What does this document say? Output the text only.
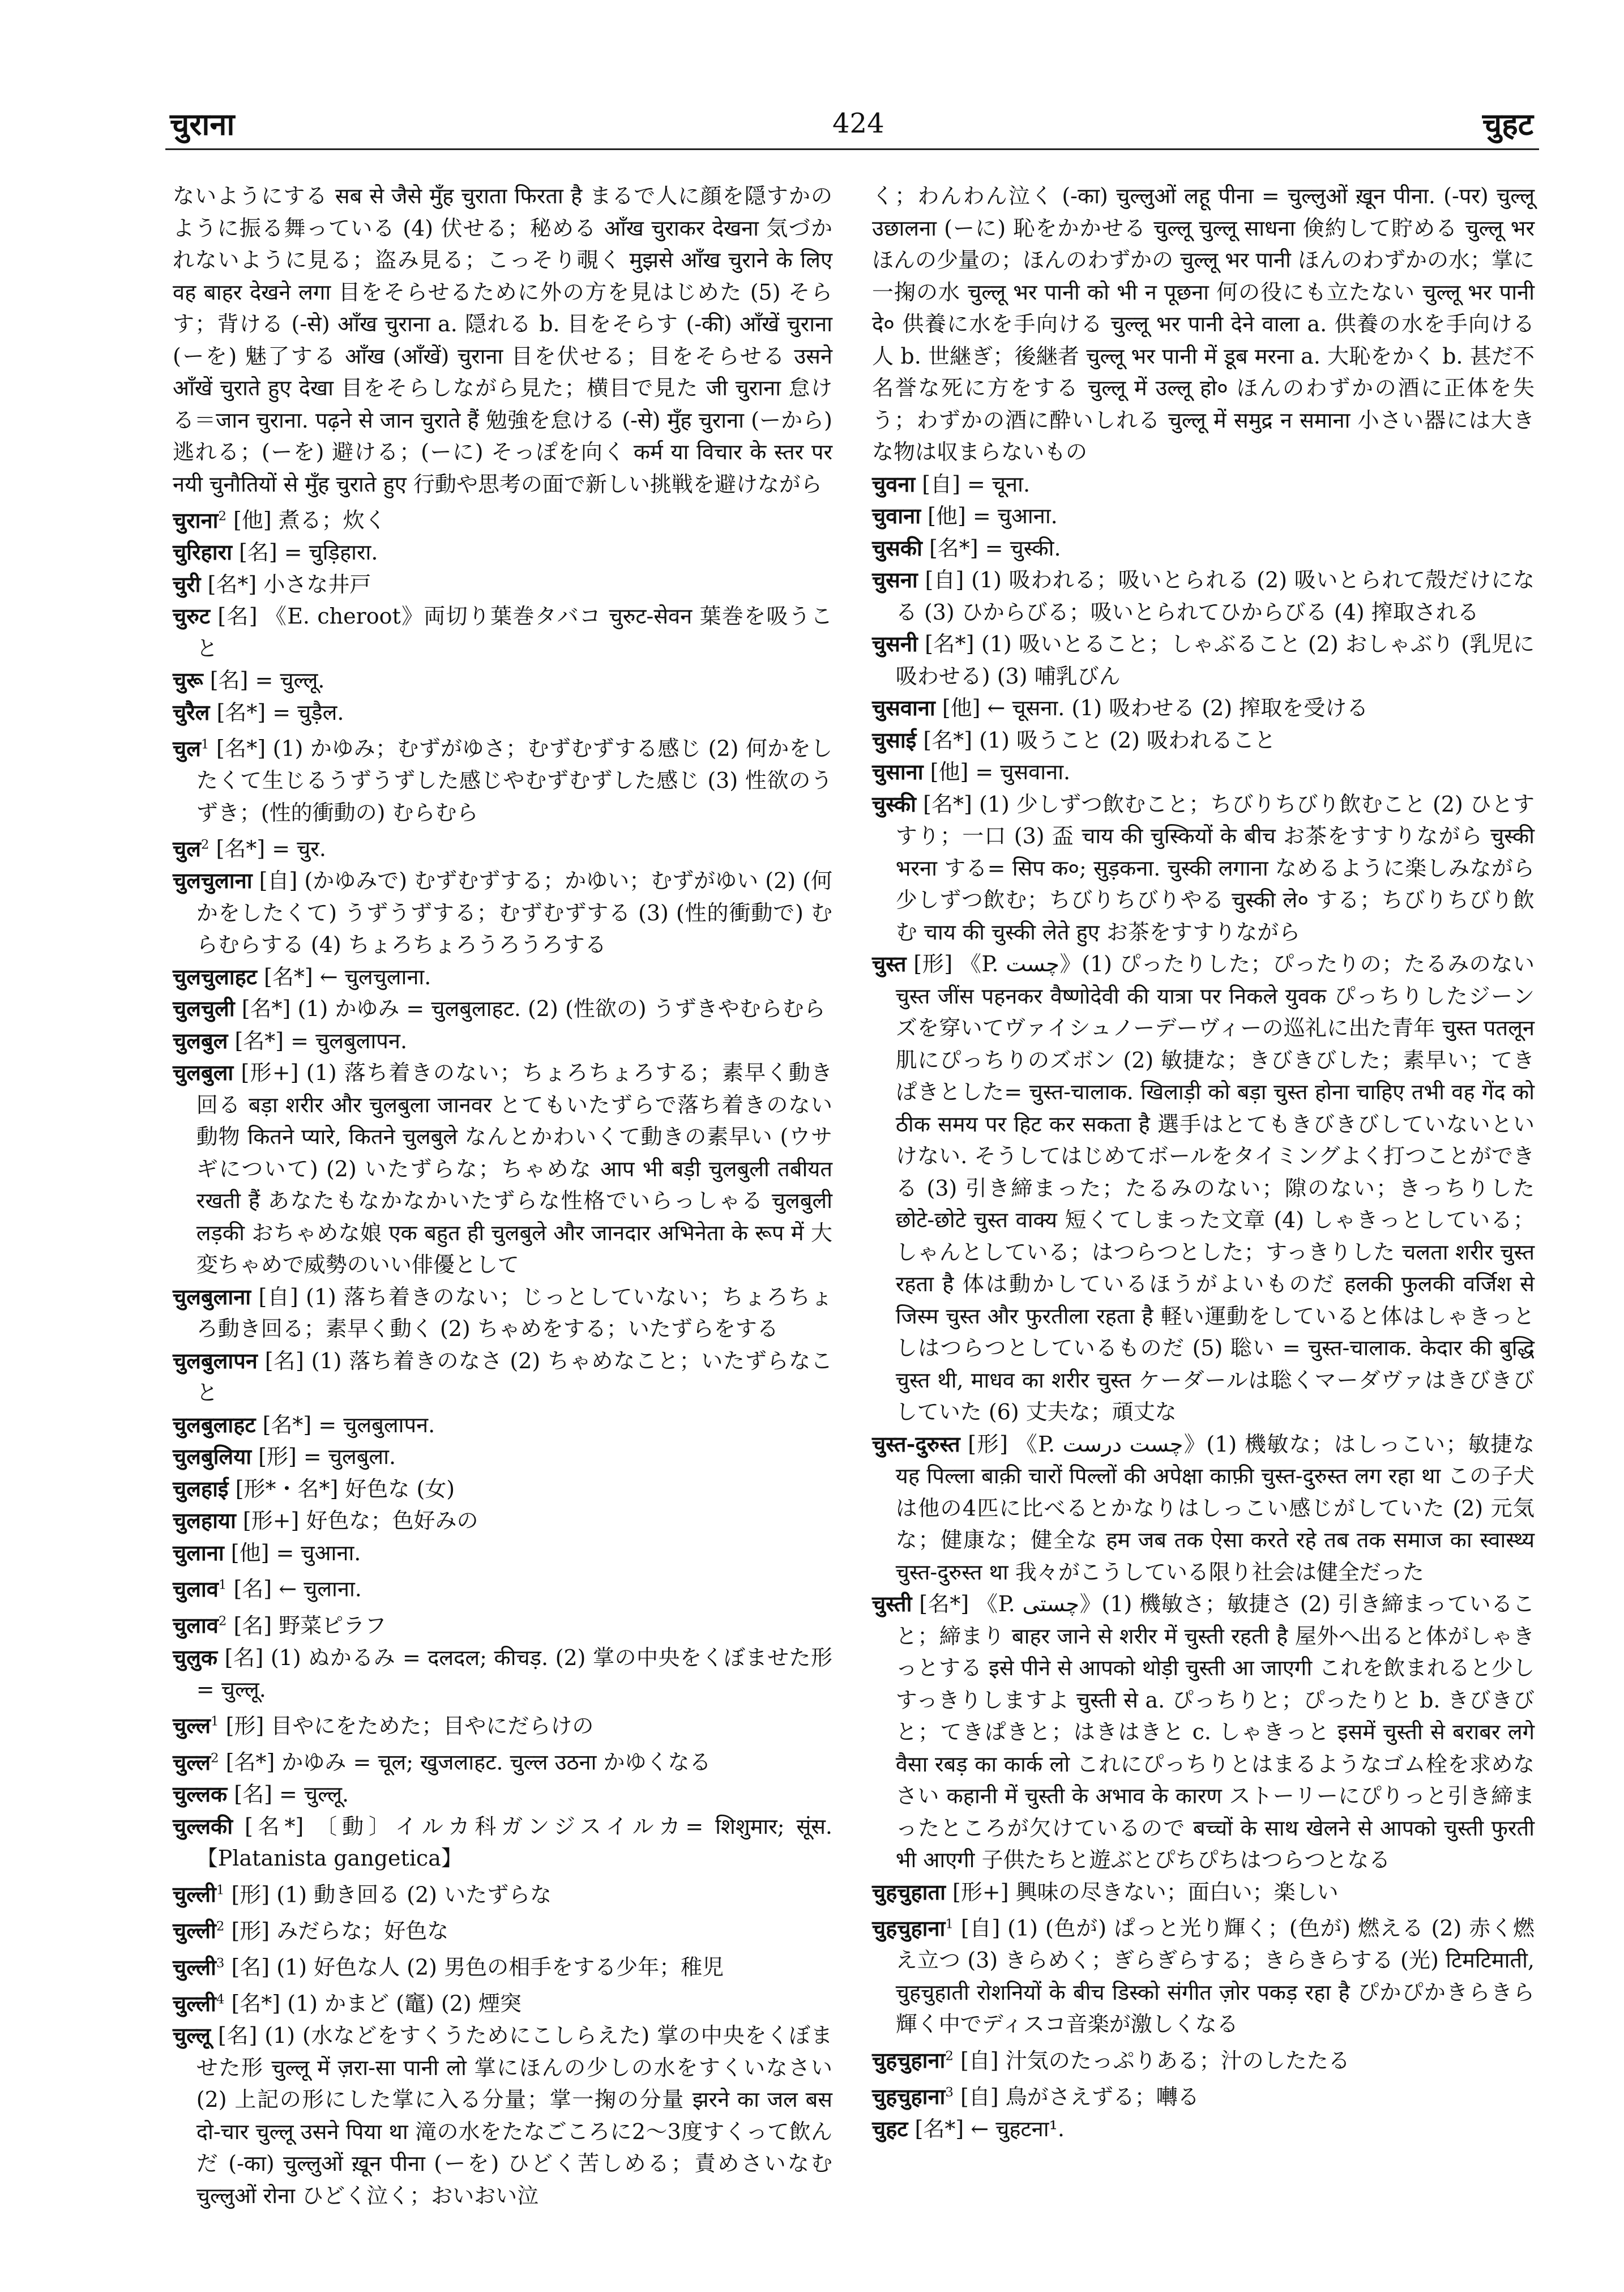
चुराना	424	चुहट

ないようにする सब से जैसे मुँह चुराता फिरता है まるで人に顔を隠すかのように振る舞っている (4) 伏せる；秘める आँख चुराकर देखना 気づかれないように見る；盗み見る；こっそり覗く मुझसे आँख चुराने के लिए वह बाहर देखने लगा 目をそらせるために外の方を見はじめた (5) そらす；背ける (-से) आँख चुराना a. 隠れる b. 目をそらす (-की) आँखें चुराना (ーを) 魅了する आँख (आँखें) चुराना 目を伏せる；目をそらせる उसने आँखें चुराते हुए देखा 目をそらしながら見た；横目で見た जी चुराना 怠ける＝जान चुराना. पढ़ने से जान चुराते हैं 勉強を怠ける (-से) मुँह चुराना (ーから) 逃れる；(ーを) 避ける；(ーに) そっぽを向く कर्म या विचार के स्तर पर नयी चुनौतियों से मुँह चुराते हुए 行動や思考の面で新しい挑戦を避けながら

चुराना$^2$ [他] 煮る；炊く

चुरिहारा [名] = चुड़िहारा.

चुरी [名*] 小さな井戸

चुरुट [名] 《E. cheroot》両切り葉巻タバコ चुरुट-सेवन 葉巻を吸うこと

चुरू [名] = चुल्लू.

चुरैल [名*] = चुड़ैल.

चुल$^1$ [名*] (1) かゆみ；むずがゆさ；むずむずする感じ (2) 何かをしたくて生じるうずうずした感じやむずむずした感じ (3) 性欲のうずき；(性的衝動の) むらむら

चुल$^2$ [名*] = चुर.

चुलचुलाना [自] (かゆみで) むずむずする；かゆい；むずがゆい (2) (何かをしたくて) うずうずする；むずむずする (3) (性的衝動で) むらむらする (4) ちょろちょろうろうろする

चुलचुलाहट [名*] ← चुलचुलाना.

चुलचुली [名*] (1) かゆみ = चुलबुलाहट. (2) (性欲の) うずきやむらむら

चुलबुल [名*] = चुलबुलापन.

चुलबुला [形+] (1) 落ち着きのない；ちょろちょろする；素早く動き回る बड़ा शरीर और चुलबुला जानवर とてもいたずらで落ち着きのない動物 कितने प्यारे, कितने चुलबुले なんとかわいくて動きの素早い (ウサギについて) (2) いたずらな；ちゃめな आप भी बड़ी चुलबुली तबीयत रखती हैं あなたもなかなかいたずらな性格でいらっしゃる चुलबुली लड़की おちゃめな娘 एक बहुत ही चुलबुले और जानदार अभिनेता के रूप में 大変ちゃめで威勢のいい俳優として

चुलबुलाना [自] (1) 落ち着きのない；じっとしていない；ちょろちょろ動き回る；素早く動く (2) ちゃめをする；いたずらをする

चुलबुलापन [名] (1) 落ち着きのなさ (2) ちゃめなこと；いたずらなこと

चुलबुलाहट [名*] = चुलबुलापन.

चुलबुलिया [形] = चुलबुला.

चुलहाई [形*・名*] 好色な (女)

चुलहाया [形+] 好色な；色好みの

चुलाना [他] = चुआना.

चुलाव$^1$ [名] ← चुलाना.

चुलाव$^2$ [名] 野菜ピラフ

चुलुक [名] (1) ぬかるみ = दलदल; कीचड़. (2) 掌の中央をくぼませた形= चुल्लू.

चुल्ल$^1$ [形] 目やにをためた；目やにだらけの

चुल्ल$^2$ [名*] かゆみ = चूल; खुजलाहट. चुल्ल उठना かゆくなる

चुल्लक [名] = चुल्लू.

चुल्लकी [名*] 〔動〕イルカ科ガンジスイルカ= शिशुमार; सूंस. 【Platanista gangetica】

चुल्ली$^1$ [形] (1) 動き回る (2) いたずらな

चुल्ली$^2$ [形] みだらな；好色な

चुल्ली$^3$ [名] (1) 好色な人 (2) 男色の相手をする少年；稚児

चुल्ली$^4$ [名*] (1) かまど (竈) (2) 煙突

चुल्लू [名] (1) (水などをすくうためにこしらえた) 掌の中央をくぼませた形 चुल्लू में ज़रा-सा पानी लो 掌にほんの少しの水をすくいなさい (2) 上記の形にした掌に入る分量；掌一掬の分量 झरने का जल बस दो-चार चुल्लू उसने पिया था 滝の水をたなごころに2〜3度すくって飲んだ (-का) चुल्लुओं ख़ून पीना (ーを) ひどく苦しめる；責めさいなむ चुल्लुओं रोना ひどく泣く；おいおい泣

く；わんわん泣く (-का) चुल्लुओं लहू पीना = चुल्लुओं ख़ून पीना. (-पर) चुल्लू उछालना (ーに) 恥をかかせる चुल्लू चुल्लू साधना 倹約して貯める चुल्लू भर ほんの少量の；ほんのわずかの चुल्लू भर पानी ほんのわずかの水；掌に一掬の水 चुल्लू भर पानी को भी न पूछना 何の役にも立たない चुल्लू भर पानी दे० 供養に水を手向ける चुल्लू भर पानी देने वाला a. 供養の水を手向ける人 b. 世継ぎ；後継者 चुल्लू भर पानी में डूब मरना a. 大恥をかく b. 甚だ不名誉な死に方をする चुल्लू में उल्लू हो० ほんのわずかの酒に正体を失う；わずかの酒に酔いしれる चुल्लू में समुद्र न समाना 小さい器には大きな物は収まらないもの

चुवना [自] = चूना.

चुवाना [他] = चुआना.

चुसकी [名*] = चुस्की.

चुसना [自] (1) 吸われる；吸いとられる (2) 吸いとられて殻だけになる (3) ひからびる；吸いとられてひからびる (4) 搾取される

चुसनी [名*] (1) 吸いとること；しゃぶること (2) おしゃぶり (乳児に吸わせる) (3) 哺乳びん

चुसवाना [他] ← चूसना. (1) 吸わせる (2) 搾取を受ける

चुसाई [名*] (1) 吸うこと (2) 吸われること

चुसाना [他] = चुसवाना.

चुस्की [名*] (1) 少しずつ飲むこと；ちびりちびり飲むこと (2) ひとすすり；一口 (3) 盃 चाय की चुस्कियों के बीच お茶をすすりながら चुस्की भरना する= सिप क०; सुड़कना. चुस्की लगाना なめるように楽しみながら少しずつ飲む；ちびりちびりやる चुस्की ले० する；ちびりちびり飲む चाय की चुस्की लेते हुए お茶をすすりながら

चुस्त [形] 《P. چست》(1) ぴったりした；ぴったりの；たるみのない चुस्त जींस पहनकर वैष्णोदेवी की यात्रा पर निकले युवक ぴっちりしたジーンズを穿いてヴァイシュノーデーヴィーの巡礼に出た青年 चुस्त पतलून 肌にぴっちりのズボン (2) 敏捷な；きびきびした；素早い；てきぱきとした= चुस्त-चालाक. खिलाड़ी को बड़ा चुस्त होना चाहिए तभी वह गेंद को ठीक समय पर हिट कर सकता है 選手はとてもきびきびしていないといけない. そうしてはじめてボールをタイミングよく打つことができる (3) 引き締まった；たるみのない；隙のない；きっちりした छोटे-छोटे चुस्त वाक्य 短くてしまった文章 (4) しゃきっとしている；しゃんとしている；はつらつとした；すっきりした चलता शरीर चुस्त रहता है 体は動かしているほうがよいものだ हलकी फुलकी वर्जिश से जिस्म चुस्त और फुरतीला रहता है 軽い運動をしていると体はしゃきっとしはつらつとしているものだ (5) 聡い = चुस्त-चालाक. केदार की बुद्धि चुस्त थी, माधव का शरीर चुस्त ケーダールは聡くマーダヴァはきびきびしていた (6) 丈夫な；頑丈な

चुस्त-दुरुस्त [形] 《P. چست درست》(1) 機敏な；はしっこい；敏捷な यह पिल्ला बाक़ी चारों पिल्लों की अपेक्षा काफ़ी चुस्त-दुरुस्त लग रहा था この子犬は他の4匹に比べるとかなりはしっこい感じがしていた (2) 元気な；健康な；健全な हम जब तक ऐसा करते रहे तब तक समाज का स्वास्थ्य चुस्त-दुरुस्त था 我々がこうしている限り社会は健全だった

चुस्ती [名*] 《P. چستی》(1) 機敏さ；敏捷さ (2) 引き締まっていること；締まり बाहर जाने से शरीर में चुस्ती रहती है 屋外へ出ると体がしゃきっとする इसे पीने से आपको थोड़ी चुस्ती आ जाएगी これを飲まれると少しすっきりしますよ चुस्ती से a. ぴっちりと；ぴったりと b. きびきびと；てきぱきと；はきはきと c. しゃきっと इसमें चुस्ती से बराबर लगे वैसा रबड़ का कार्क लो これにぴっちりとはまるようなゴム栓を求めなさい कहानी में चुस्ती के अभाव के कारण ストーリーにぴりっと引き締まったところが欠けているので बच्चों के साथ खेलने से आपको चुस्ती फुरती भी आएगी 子供たちと遊ぶとぴちぴちはつらつとなる

चुहचुहाता [形+] 興味の尽きない；面白い；楽しい

चुहचुहाना$^1$ [自] (1) (色が) ぱっと光り輝く；(色が) 燃える (2) 赤く燃え立つ (3) きらめく；ぎらぎらする；きらきらする (光) टिमटिमाती, चुहचुहाती रोशनियों के बीच डिस्को संगीत ज़ोर पकड़ रहा है ぴかぴかきらきら輝く中でディスコ音楽が激しくなる

चुहचुहाना$^2$ [自] 汁気のたっぷりある；汁のしたたる

चुहचुहाना$^3$ [自] 鳥がさえずる；囀る

चुहट [名*] ← चुहटना¹.
